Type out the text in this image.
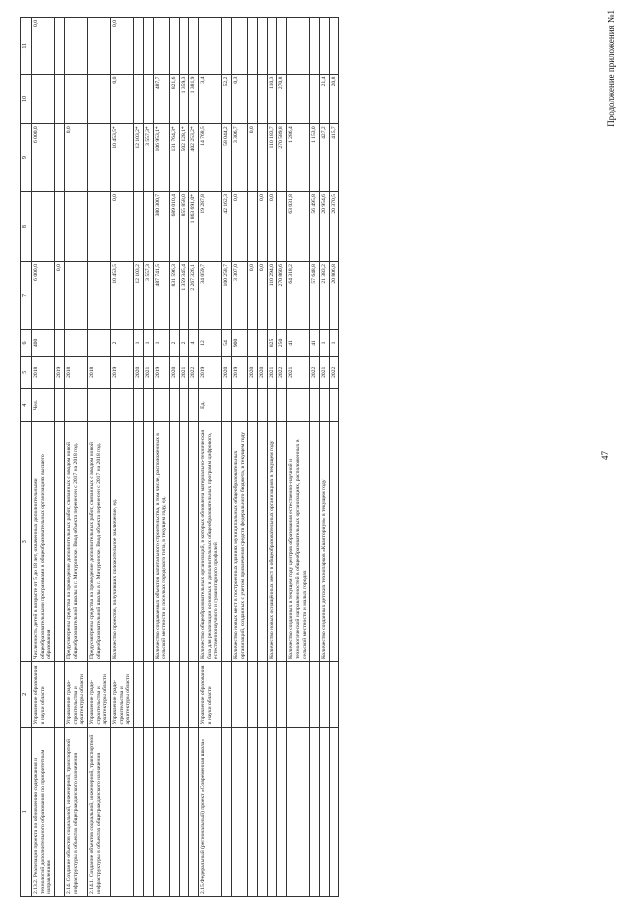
47
Продолжение приложения №1
1	2	3	4	5	6	7	8	9	10	11
2.13.2. Реализация проекта по обновлению содержания и технологий дополнительного образования по приоритетным направлениям	Управление образования и науки области	Численность детей в возрасте от 5 до 18 лет, охваченных дополнительными общеобразовательными программами в общеобразовательных организациях высшего образования	Чел.	2018	400	6 000,0		6 000,0		0,0
				2019		0,0				
2.14. Создание объектов социальной, инженерной, транспортной инфраструктуры в объектах общегражданского назначения	Управление градо-строительства и архитектуры области	Предусмотрены средства на проведение дополнительных работ, связанных с вводом новой общеобразовательной школы в г. Мичуринске. Ввод объекта перенесен с 2017 на 2018 год.		2018				0,0		
2.14.1. Создание объектов социальной, инженерной, транспортной инфраструктуры в объектах общегражданского назначения	Управление градо-строительства и архитектуры области	Предусмотрены средства на проведение дополнительных работ, связанных с вводом новой общеобразовательной школы в г. Мичуринске. Ввод объекта перенесен с 2017 на 2018 год.		2018						
	Управление градо-строительства и архитектуры области	Количество проектов, получивших положительное заключение, ед.		2019	2	10 453,5	0,0	10 453,5*	0,0	0,0
				2020	1	12 103,2		12 103,2*		
				2021	1	3 557,3		3 557,3*		
		Количество создаваемых объектов капитального строительства, в том числе, расположенных в сельской местности и поселках городского типа, в текущем году, ед.		2019	1	487 741,5	380 300,7	106 953,1*	487,7	
				2020	2	831 596,3	689 010,4	131 764,3*	821,6	
				2021	2	1 359 345,4	855 858,0	502 128,1*	1 359,3	
				2022	4	2 267 326,1	1 863 691,0*	402 253,2*	1 381,9	
2.15.Федеральный (региональный) проект «Современная школа»	Управление образования и науки области	Количество общеобразовательных организаций, в которых обновлена материально-техническая база для реализации основных и дополнительных общеобразовательных программ цифрового, естественнонаучного и гуманитарного профилей	Ед.	2019	12	34 059,7	19 287,8	14 768,5	3,4	
				2020	54	100 258,7	42 162,3	58 044,2	52,2	
		Количество новых мест в построенных зданиях муниципальных общеобразовательных организаций, созданных с учетом привлечения средств федерального бюджета, в текущем году		2019	900	3 307,0	0,0	3 306,7	0,3	
				2020		0,0		0,0		
				2020		0,0	0,0			
		Количество новых оснащённых мест в общеобразовательных организациях в текущем году		2021	825	110 294,0	0,0	110 183,7	110,3	
				2022	250	270 860,6		270 589,8	270,8	
		Количество созданных в текущем году центров образования естественно-научной и технологической направленностей в общеобразовательных организациях, расположенных в сельской местности и малых городах		2021	41	64 318,2	63 031,8	1 286,4		
				2022	41	57 648,8	56 495,8	1 153,0		
		Количество созданных детских технопарков «Кванториум» в текущем году		2021	1	21 383,2	20 954,6	427,2	21,4	
				2022	1	20 806,8	20 370,5	415,7	20,8	
